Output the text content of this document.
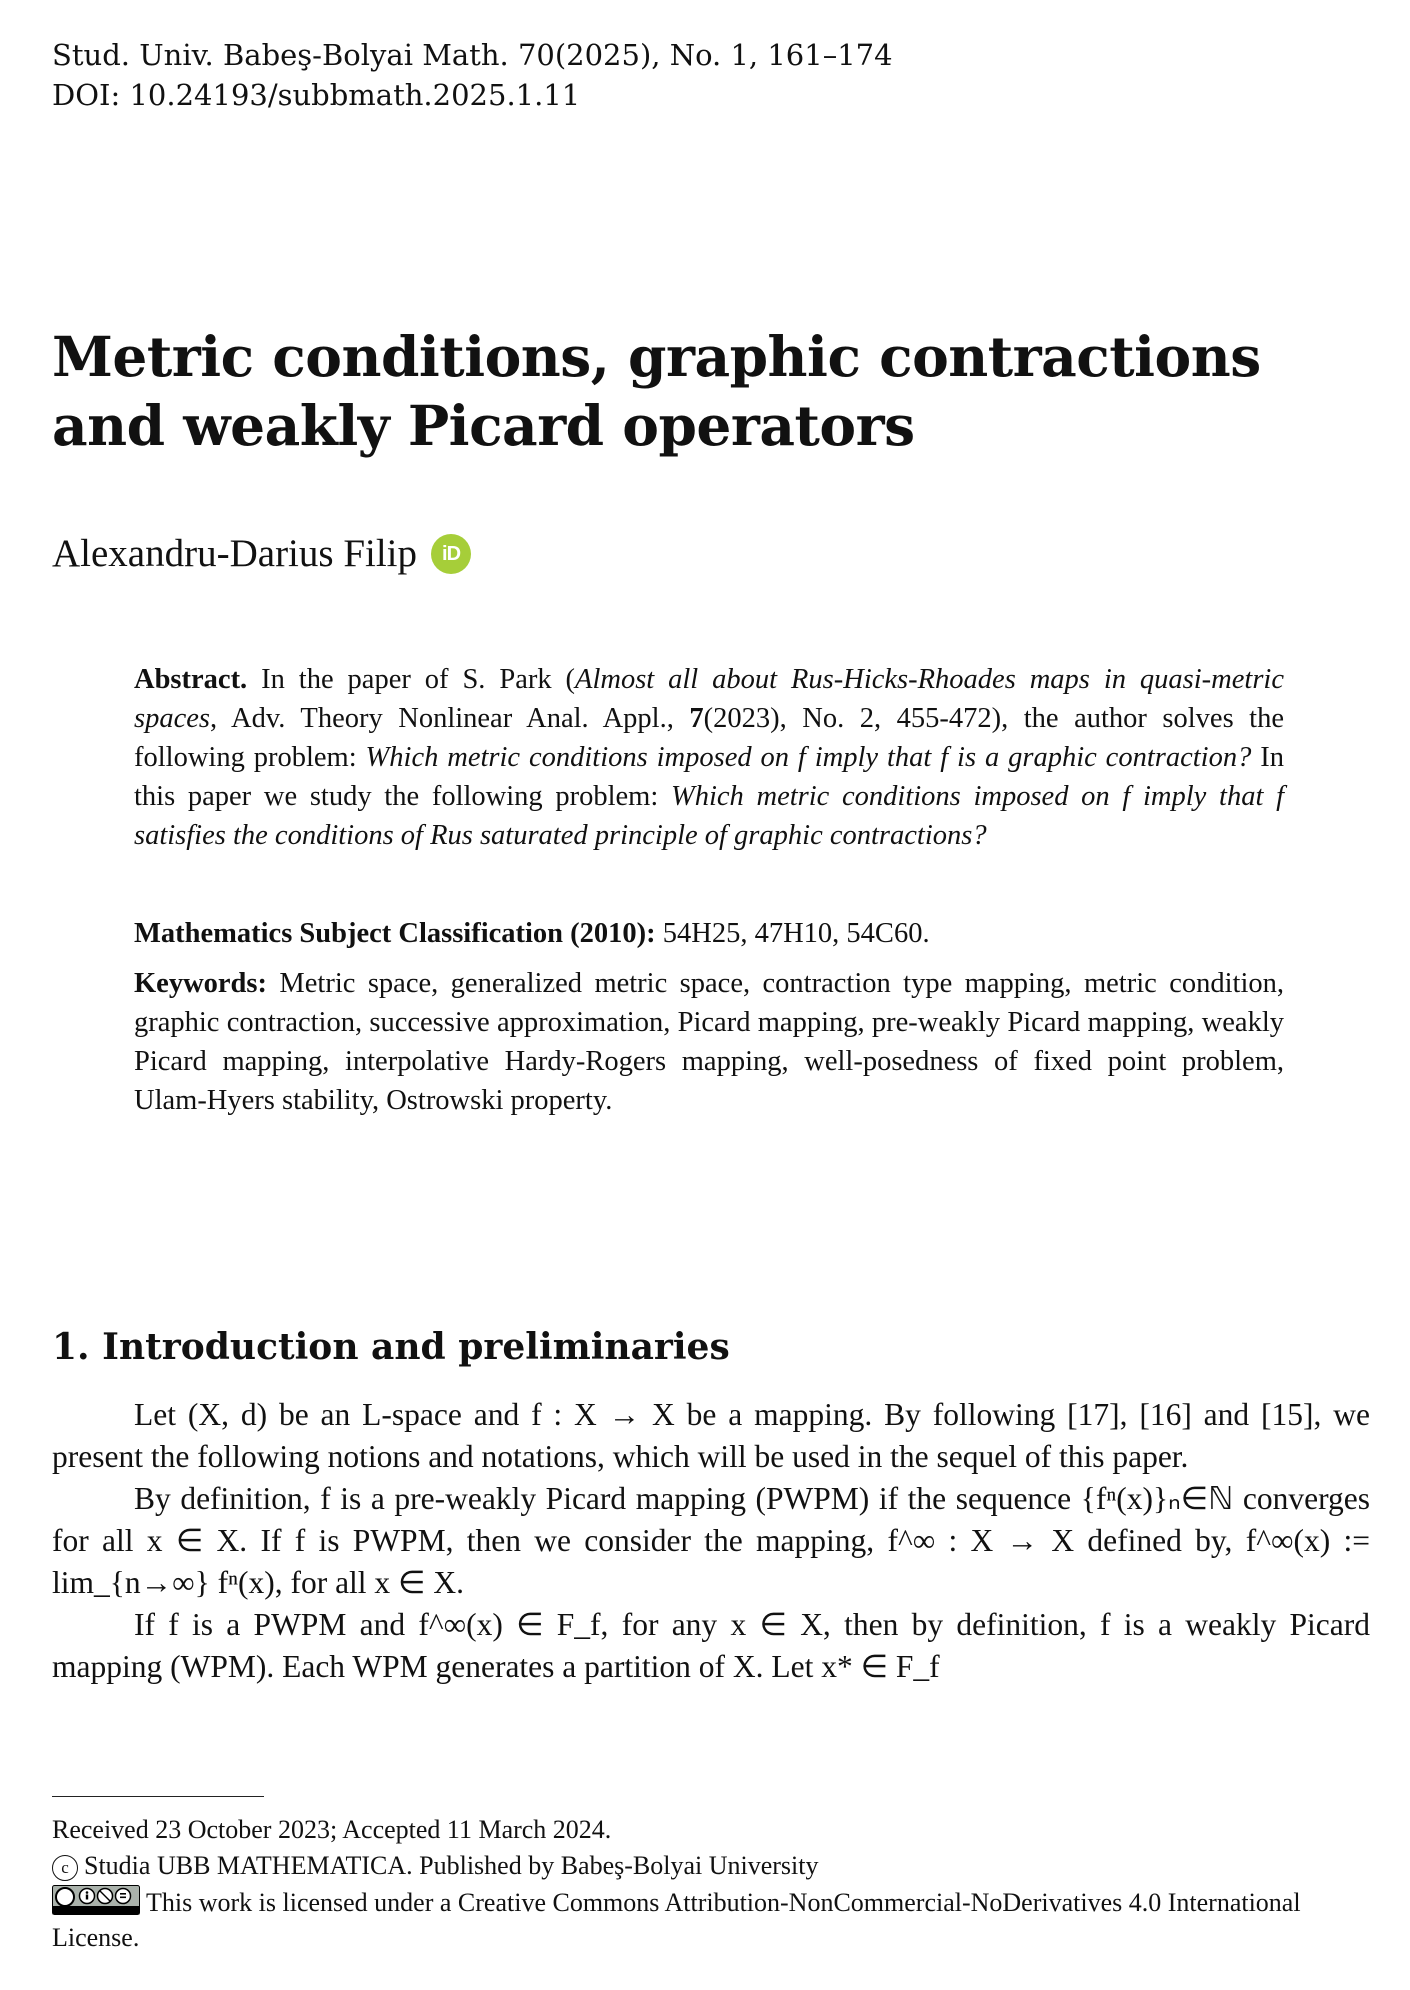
Stud. Univ. Babeş-Bolyai Math. 70(2025), No. 1, 161–174
DOI: 10.24193/subbmath.2025.1.11
Metric conditions, graphic contractions
and weakly Picard operators
Alexandru-Darius Filip	iD

Abstract. In the paper of S. Park (Almost all about Rus-Hicks-Rhoades maps in quasi-metric spaces, Adv. Theory Nonlinear Anal. Appl., 7(2023), No. 2, 455-472), the author solves the following problem: Which metric conditions imposed on f imply that f is a graphic contraction? In this paper we study the following problem: Which metric conditions imposed on f imply that f satisfies the conditions of Rus saturated principle of graphic contractions?

Mathematics Subject Classification (2010): 54H25, 47H10, 54C60.

Keywords: Metric space, generalized metric space, contraction type mapping, metric condition, graphic contraction, successive approximation, Picard mapping, pre-weakly Picard mapping, weakly Picard mapping, interpolative Hardy-Rogers mapping, well-posedness of fixed point problem, Ulam-Hyers stability, Ostrowski property.

1. Introduction and preliminaries

Let (X, d) be an L-space and f : X → X be a mapping. By following [17], [16] and [15], we present the following notions and notations, which will be used in the sequel of this paper.

By definition, f is a pre-weakly Picard mapping (PWPM) if the sequence {fⁿ(x)}ₙ∈ℕ converges for all x ∈ X. If f is PWPM, then we consider the mapping, f^∞ : X → X defined by, f^∞(x) := lim_{n→∞} fⁿ(x), for all x ∈ X.

If f is a PWPM and f^∞(x) ∈ F_f, for any x ∈ X, then by definition, f is a weakly Picard mapping (WPM). Each WPM generates a partition of X. Let x* ∈ F_f

Received 23 October 2023; Accepted 11 March 2024.
c Studia UBB MATHEMATICA. Published by Babeş-Bolyai University
This work is licensed under a Creative Commons Attribution-NonCommercial-NoDerivatives 4.0 International License.
